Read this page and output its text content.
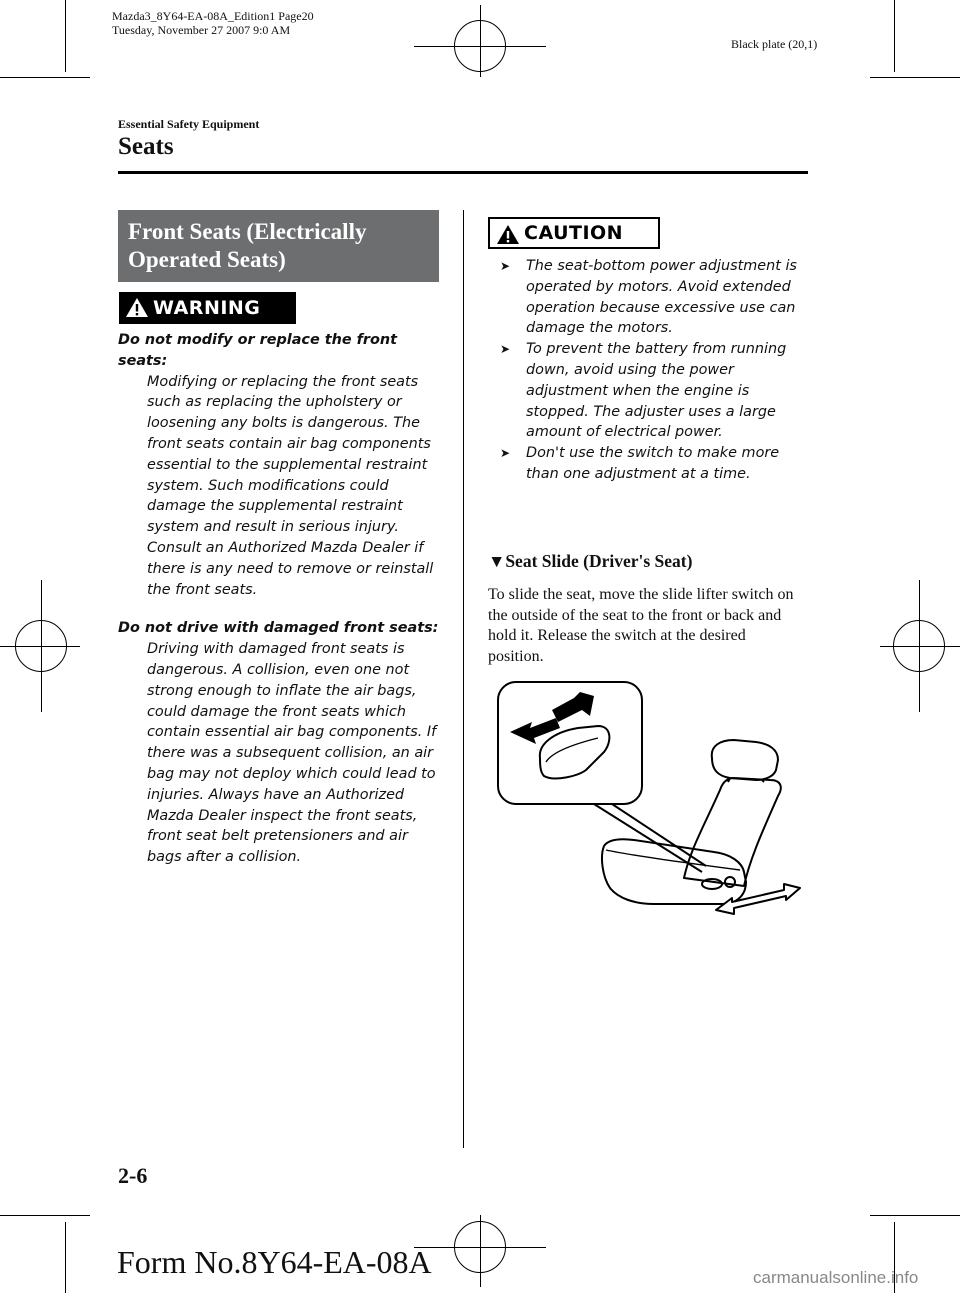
Mazda3_8Y64-EA-08A_Edition1 Page20
Tuesday, November 27 2007 9:0 AM
Black plate (20,1)
Essential Safety Equipment
Seats
Front Seats (Electrically
Operated Seats)
WARNING

Do not modify or replace the front seats:

Modifying or replacing the front seats such as replacing the upholstery or loosening any bolts is dangerous. The front seats contain air bag components essential to the supplemental restraint system. Such modifications could damage the supplemental restraint system and result in serious injury. Consult an Authorized Mazda Dealer if there is any need to remove or reinstall the front seats.

Do not drive with damaged front seats:

Driving with damaged front seats is dangerous. A collision, even one not strong enough to inflate the air bags, could damage the front seats which contain essential air bag components. If there was a subsequent collision, an air bag may not deploy which could lead to injuries. Always have an Authorized Mazda Dealer inspect the front seats, front seat belt pretensioners and air bags after a collision.

CAUTION
➤	The seat-bottom power adjustment is operated by motors. Avoid extended operation because excessive use can damage the motors.
➤	To prevent the battery from running down, avoid using the power adjustment when the engine is stopped. The adjuster uses a large amount of electrical power.
➤	Don't use the switch to make more than one adjustment at a time.
▼Seat Slide (Driver's Seat)
To slide the seat, move the slide lifter switch on the outside of the seat to the front or back and hold it. Release the switch at the desired position.
2-6
Form No.8Y64-EA-08A	carmanualsonline.info
